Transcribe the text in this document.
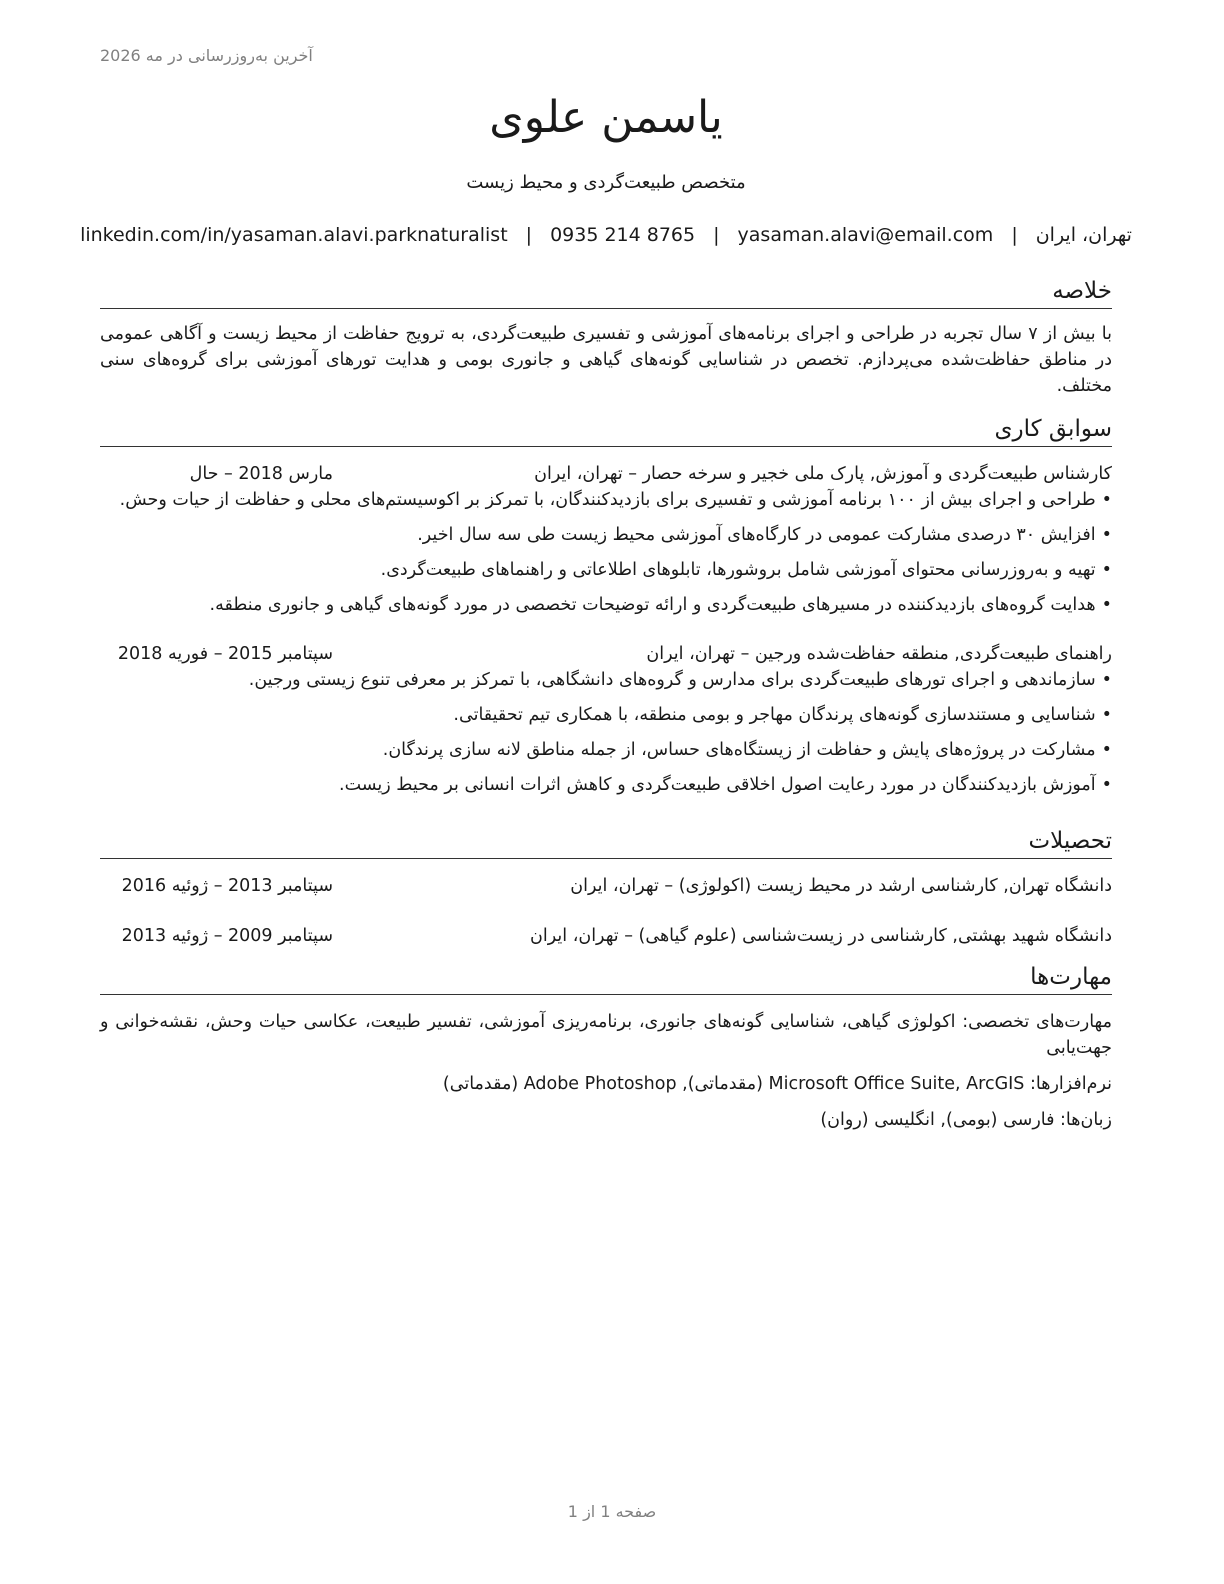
آخرین به‌روزرسانی در مه 2026
یاسمن علوی
متخصص طبیعت‌گردی و محیط زیست
تهران، ایران
|
yasaman.alavi@email.com
|
0935 214 8765
|
linkedin.com/in/yasaman.alavi.parknaturalist
خلاصه
با بیش از ۷ سال تجربه در طراحی و اجرای برنامه‌های آموزشی و تفسیری طبیعت‌گردی، به ترویج حفاظت از محیط زیست و آگاهی عمومی در مناطق حفاظت‌شده می‌پردازم. تخصص در شناسایی گونه‌های گیاهی و جانوری بومی و هدایت تورهای آموزشی برای گروه‌های سنی مختلف.
سوابق کاری
کارشناس طبیعت‌گردی و آموزش, پارک ملی خجیر و سرخه حصار – تهران، ایران
مارس 2018 – حال
•طراحی و اجرای بیش از ۱۰۰ برنامه آموزشی و تفسیری برای بازدیدکنندگان، با تمرکز بر اکوسیستم‌های محلی و حفاظت از حیات وحش.
•افزایش ۳۰ درصدی مشارکت عمومی در کارگاه‌های آموزشی محیط زیست طی سه سال اخیر.
•تهیه و به‌روزرسانی محتوای آموزشی شامل بروشورها، تابلوهای اطلاعاتی و راهنماهای طبیعت‌گردی.
•هدایت گروه‌های بازدیدکننده در مسیرهای طبیعت‌گردی و ارائه توضیحات تخصصی در مورد گونه‌های گیاهی و جانوری منطقه.
راهنمای طبیعت‌گردی, منطقه حفاظت‌شده ورجین – تهران، ایران
سپتامبر 2015 – فوریه 2018
•سازماندهی و اجرای تورهای طبیعت‌گردی برای مدارس و گروه‌های دانشگاهی، با تمرکز بر معرفی تنوع زیستی ورجین.
•شناسایی و مستندسازی گونه‌های پرندگان مهاجر و بومی منطقه، با همکاری تیم تحقیقاتی.
•مشارکت در پروژه‌های پایش و حفاظت از زیستگاه‌های حساس، از جمله مناطق لانه سازی پرندگان.
•آموزش بازدیدکنندگان در مورد رعایت اصول اخلاقی طبیعت‌گردی و کاهش اثرات انسانی بر محیط زیست.
تحصیلات
دانشگاه تهران, کارشناسی ارشد در محیط زیست (اکولوژی) – تهران، ایران
سپتامبر 2013 – ژوئیه 2016
دانشگاه شهید بهشتی, کارشناسی در زیست‌شناسی (علوم گیاهی) – تهران، ایران
سپتامبر 2009 – ژوئیه 2013
مهارت‌ها
مهارت‌های تخصصی: اکولوژی گیاهی، شناسایی گونه‌های جانوری، برنامه‌ریزی آموزشی، تفسیر طبیعت، عکاسی حیات وحش، نقشه‌خوانی و جهت‌یابی
نرم‌افزارها: Microsoft Office Suite, ArcGIS (مقدماتی), Adobe Photoshop (مقدماتی)
زبان‌ها: فارسی (بومی), انگلیسی (روان)
صفحه 1 از 1
